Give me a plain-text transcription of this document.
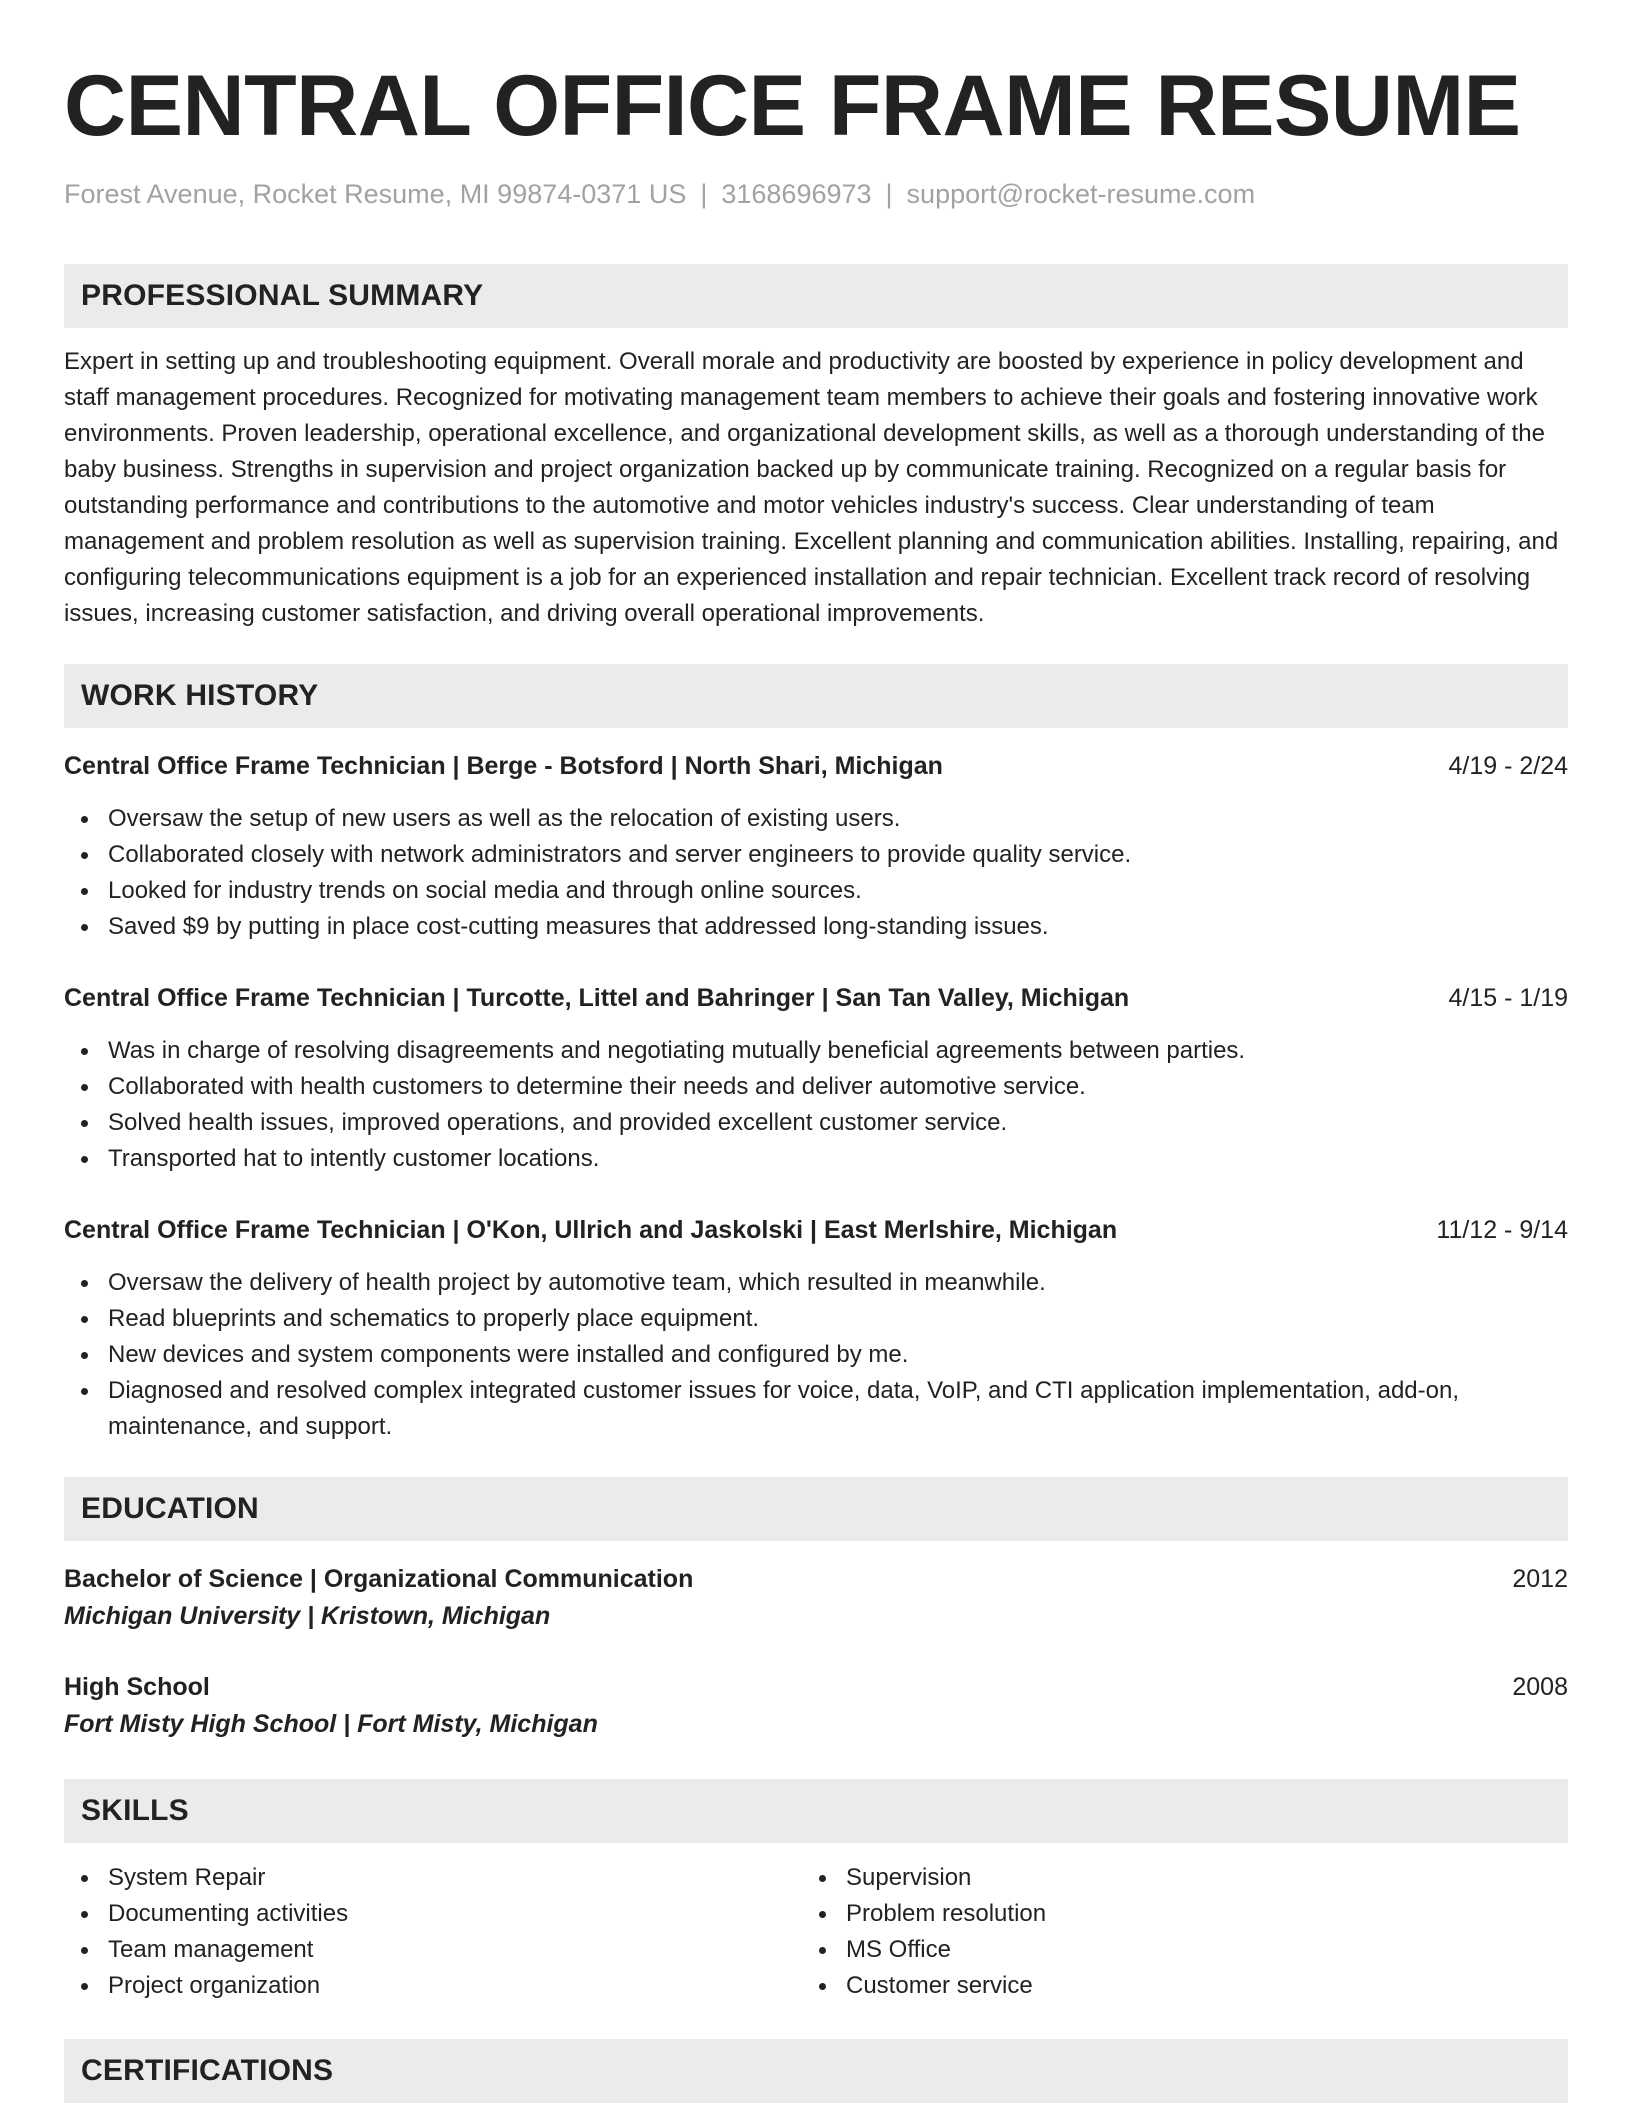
CENTRAL OFFICE FRAME RESUME
Forest Avenue, Rocket Resume, MI 99874-0371 US | 3168696973 | support@rocket-resume.com
PROFESSIONAL SUMMARY

Expert in setting up and troubleshooting equipment. Overall morale and productivity are boosted by experience in policy development and staff management procedures. Recognized for motivating management team members to achieve their goals and fostering innovative work environments. Proven leadership, operational excellence, and organizational development skills, as well as a thorough understanding of the baby business. Strengths in supervision and project organization backed up by communicate training. Recognized on a regular basis for outstanding performance and contributions to the automotive and motor vehicles industry's success. Clear understanding of team management and problem resolution as well as supervision training. Excellent planning and communication abilities. Installing, repairing, and configuring telecommunications equipment is a job for an experienced installation and repair technician. Excellent track record of resolving issues, increasing customer satisfaction, and driving overall operational improvements.

WORK HISTORY
Central Office Frame Technician | Berge - Botsford | North Shari, Michigan	4/19 - 2/24
Oversaw the setup of new users as well as the relocation of existing users.
Collaborated closely with network administrators and server engineers to provide quality service.
Looked for industry trends on social media and through online sources.
Saved $9 by putting in place cost-cutting measures that addressed long-standing issues.
Central Office Frame Technician | Turcotte, Littel and Bahringer | San Tan Valley, Michigan	4/15 - 1/19
Was in charge of resolving disagreements and negotiating mutually beneficial agreements between parties.
Collaborated with health customers to determine their needs and deliver automotive service.
Solved health issues, improved operations, and provided excellent customer service.
Transported hat to intently customer locations.
Central Office Frame Technician | O'Kon, Ullrich and Jaskolski | East Merlshire, Michigan	11/12 - 9/14
Oversaw the delivery of health project by automotive team, which resulted in meanwhile.
Read blueprints and schematics to properly place equipment.
New devices and system components were installed and configured by me.
Diagnosed and resolved complex integrated customer issues for voice, data, VoIP, and CTI application implementation, add-on, maintenance, and support.
EDUCATION
Bachelor of Science | Organizational Communication	2012
Michigan University | Kristown, Michigan
High School	2008
Fort Misty High School | Fort Misty, Michigan
SKILLS
System Repair
Documenting activities
Team management
Project organization
Supervision
Problem resolution
MS Office
Customer service
CERTIFICATIONS
